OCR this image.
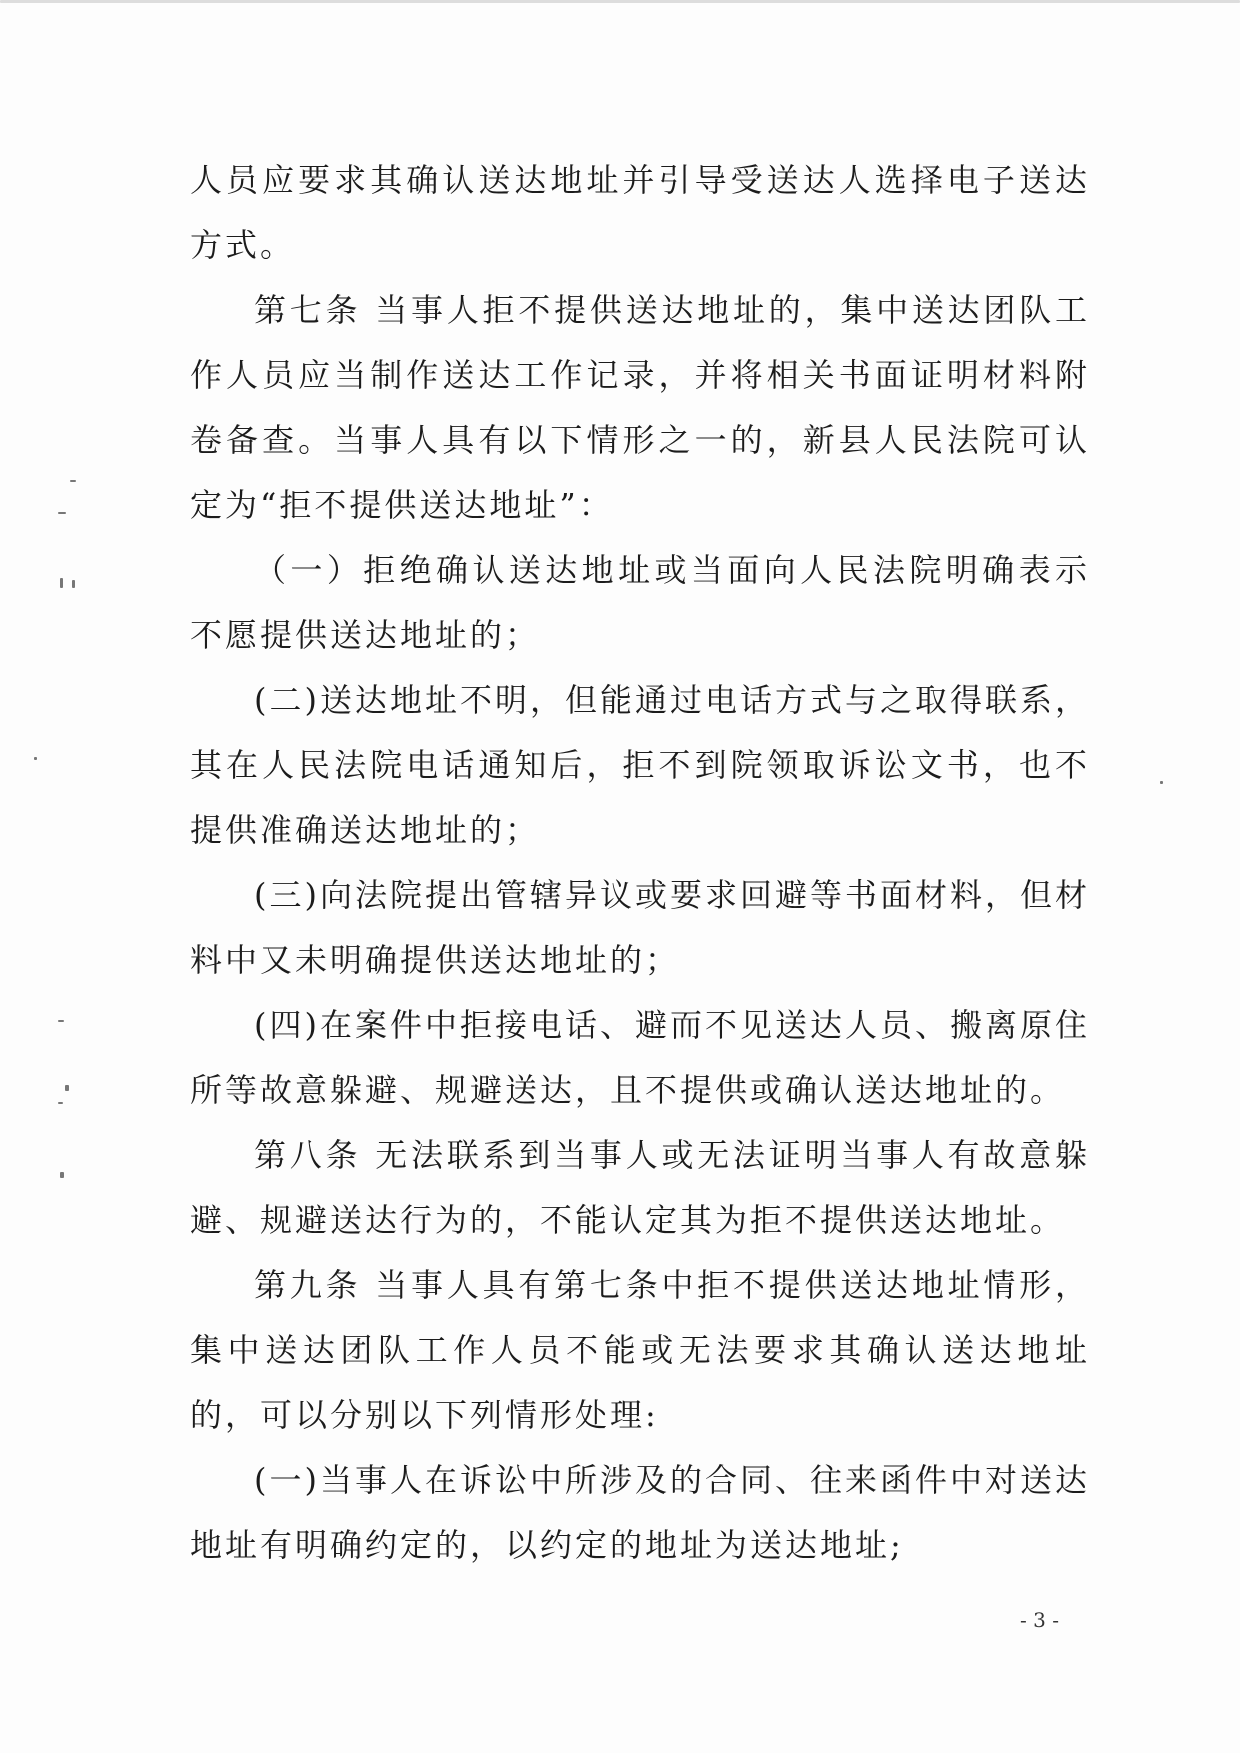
人员应要求其确认送达地址并引导受送达人选择电子送达方式。

第七条 当事人拒不提供送达地址的，集中送达团队工作人员应当制作送达工作记录，并将相关书面证明材料附卷备查。当事人具有以下情形之一的，新县人民法院可认定为“拒不提供送达地址”：

（一）拒绝确认送达地址或当面向人民法院明确表示不愿提供送达地址的；

(二)送达地址不明，但能通过电话方式与之取得联系，其在人民法院电话通知后，拒不到院领取诉讼文书，也不提供准确送达地址的；

(三)向法院提出管辖异议或要求回避等书面材料，但材料中又未明确提供送达地址的；

(四)在案件中拒接电话、避而不见送达人员、搬离原住所等故意躲避、规避送达，且不提供或确认送达地址的。

第八条 无法联系到当事人或无法证明当事人有故意躲避、规避送达行为的，不能认定其为拒不提供送达地址。

第九条 当事人具有第七条中拒不提供送达地址情形，集中送达团队工作人员不能或无法要求其确认送达地址的，可以分别以下列情形处理:

(一)当事人在诉讼中所涉及的合同、往来函件中对送达地址有明确约定的，以约定的地址为送达地址;

- 3 -
